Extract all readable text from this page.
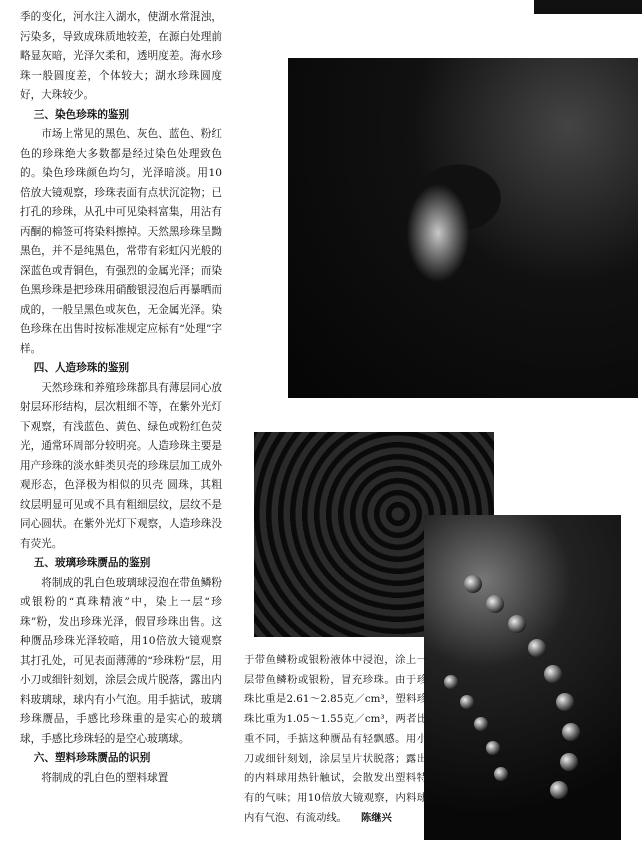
季的变化，河水注入湖水，使湖水常混浊，污染多，导致成珠质地较差，在源白处理前略显灰暗，光泽欠柔和，透明度差。海水珍珠一般圆度差，个体较大；湖水珍珠圆度好，大珠较少。

三、染色珍珠的鉴别

市场上常见的黑色、灰色、蓝色、粉红色的珍珠绝大多数都是经过染色处理致色的。染色珍珠颜色均匀，光泽暗淡。用10倍放大镜观察，珍珠表面有点状沉淀物；已打孔的珍珠，从孔中可见染料富集，用沾有丙酮的棉签可将染料擦掉。天然黑珍珠呈黝黑色，并不是纯黑色，常带有彩虹闪光般的深蓝色或青铜色，有强烈的金属光泽；而染色黑珍珠是把珍珠用硝酸银浸泡后再暴晒而成的，一般呈黑色或灰色，无金属光泽。染色珍珠在出售时按标准规定应标有“处理”字样。

四、人造珍珠的鉴别

天然珍珠和养殖珍珠都具有薄层同心放射层环形结构，层次粗细不等，在紫外光灯下观察，有浅蓝色、黄色、绿色或粉红色荧光，通常环周部分较明亮。人造珍珠主要是用产珍珠的淡水蚌类贝壳的珍珠层加工成外观形态，色泽极为相似的贝壳 圆珠，其粗纹层明显可见或不具有粗细层纹，层纹不是同心圆状。在紫外光灯下观察，人造珍珠没有荧光。

五、玻璃珍珠赝品的鉴别

将制成的乳白色玻璃球浸泡在带鱼鳞粉或银粉的“真珠精液”中，染上一层“珍珠”粉，发出珍珠光泽，假冒珍珠出售。这种赝品珍珠光泽较暗，用10倍放大镜观察其打孔处，可见表面薄薄的“珍珠粉”层，用小刀或细针刻划，涂层会成片脱落，露出内料玻璃球，球内有小气泡。用手掂试，玻璃珍珠赝品，手感比珍珠重的是实心的玻璃球，手感比珍珠轻的是空心玻璃球。

六、塑料珍珠赝品的识别

将制成的乳白色的塑料球置

于带鱼鳞粉或银粉液体中浸泡，涂上一层带鱼鳞粉或银粉，冒充珍珠。由于珍珠比重是2.61～2.85克／cm³，塑料珍珠比重为1.05～1.55克／cm³，两者比重不同，手掂这种赝品有轻飘感。用小刀或细针刻划，涂层呈片状脱落；露出的内料球用热针触试，会散发出塑料特有的气味；用10倍放大镜观察，内料球内有气泡、有流动线。 陈继兴
